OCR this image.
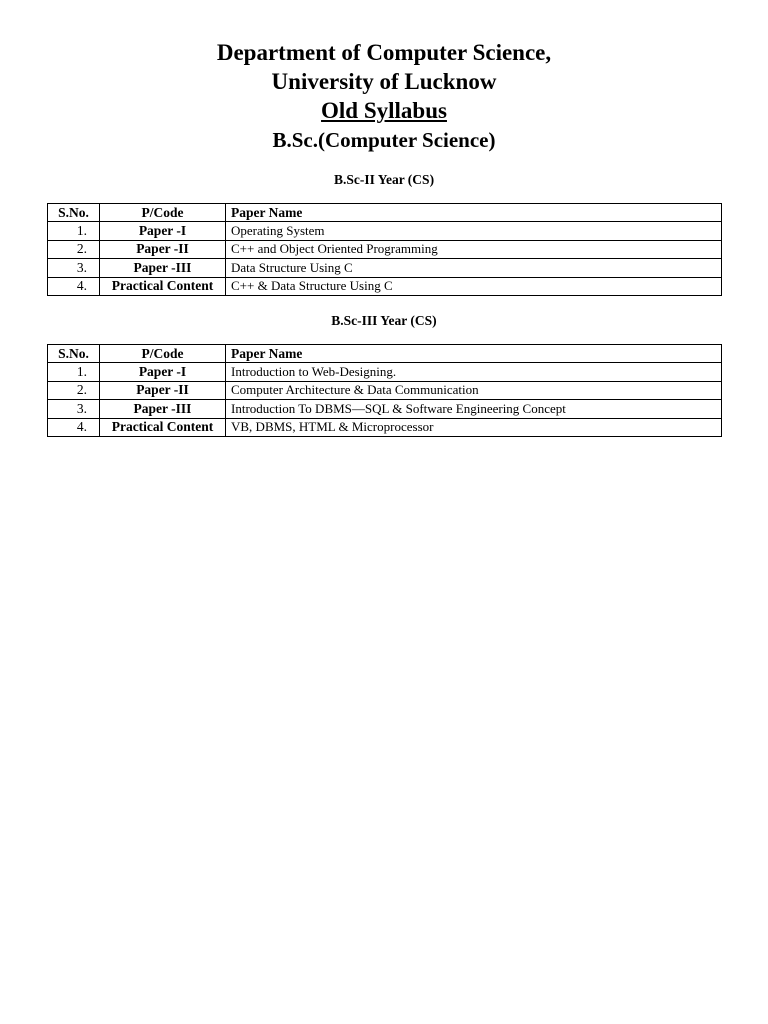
Department of Computer Science,
University of Lucknow
Old Syllabus
B.Sc.(Computer Science)
B.Sc-II Year (CS)
S.No.	P/Code	Paper Name
1.	Paper -I	Operating System
2.	Paper -II	C++ and Object Oriented Programming
3.	Paper -III	Data Structure Using C
4.	Practical Content	C++ & Data Structure Using C
B.Sc-III Year (CS)
S.No.	P/Code	Paper Name
1.	Paper -I	Introduction to Web-Designing.
2.	Paper -II	Computer Architecture & Data Communication
3.	Paper -III	Introduction To DBMS—SQL & Software Engineering Concept
4.	Practical Content	VB, DBMS, HTML & Microprocessor
